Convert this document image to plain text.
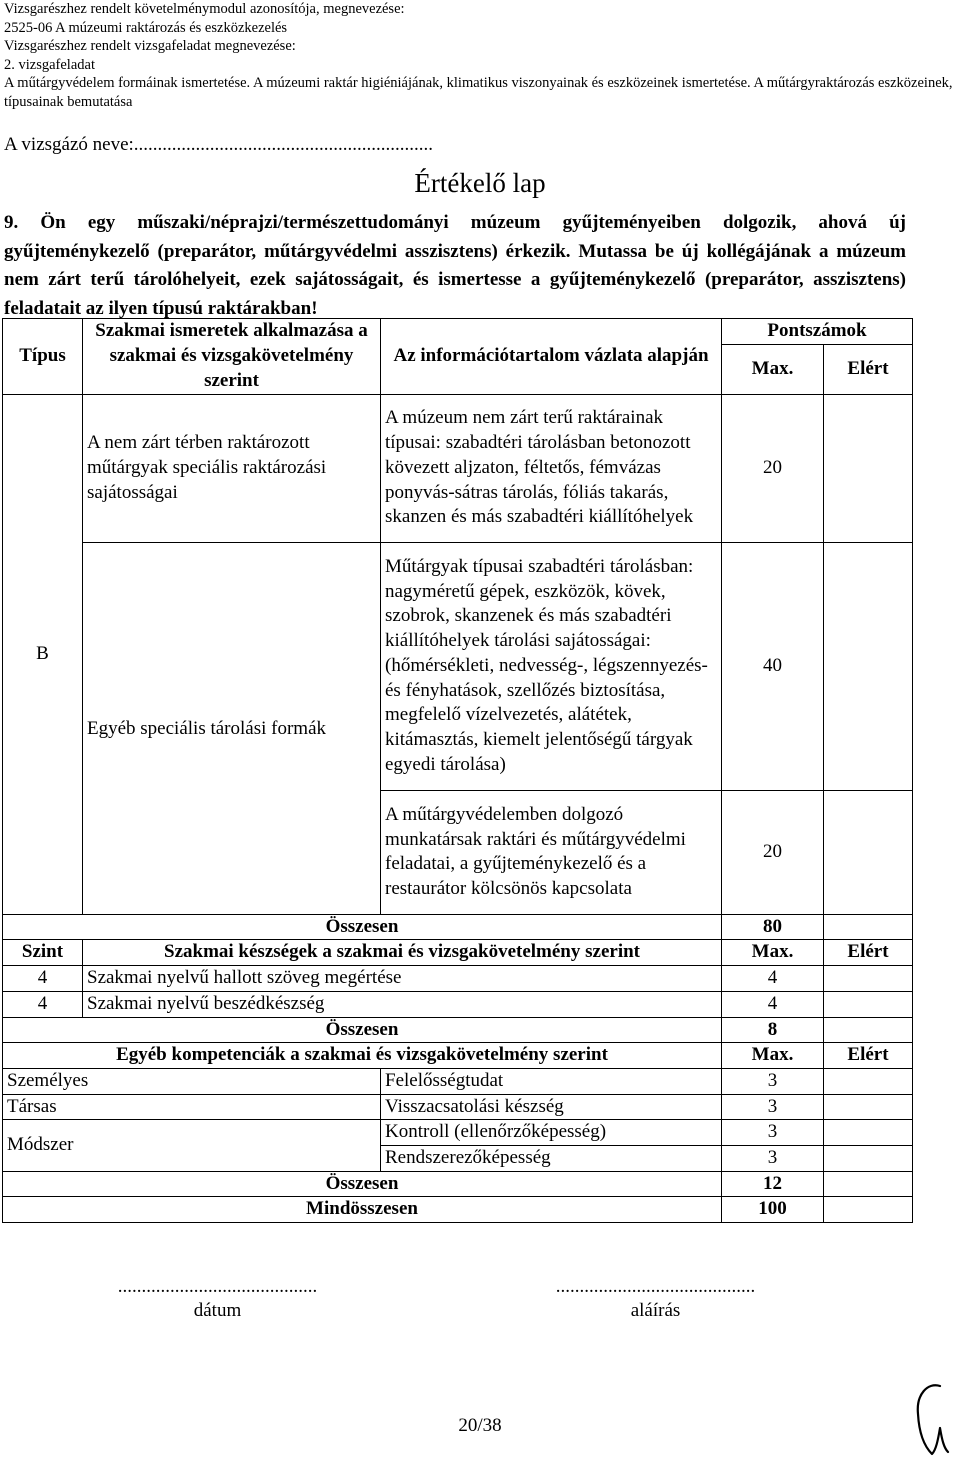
Vizsgarészhez rendelt követelménymodul azonosítója, megnevezése:
2525-06 A múzeumi raktározás és eszközkezelés
Vizsgarészhez rendelt vizsgafeladat megnevezése:
2. vizsgafeladat
A műtárgyvédelem formáinak ismertetése. A múzeumi raktár higiéniájának, klimatikus viszonyainak és eszközeinek ismertetése. A műtárgyraktározás eszközeinek, típusainak bemutatása
A vizsgázó neve:...............................................................
Értékelő lap
9. Ön egy műszaki/néprajzi/természettudományi múzeum gyűjteményeiben dolgozik, ahová új gyűjteménykezelő (preparátor, műtárgyvédelmi asszisztens) érkezik. Mutassa be új kollégájának a múzeum nem zárt terű tárolóhelyeit, ezek sajátosságait, és ismertesse a gyűjteménykezelő (preparátor, asszisztens) feladatait az ilyen típusú raktárakban!
Típus	Szakmai ismeretek alkalmazása a szakmai és vizsgakövetelmény szerint	Az információtartalom vázlata alapján	Pontszámok	
			Max.	Elért
B	A nem zárt térben raktározott műtárgyak speciális raktározási sajátosságai	A múzeum nem zárt terű raktárainak típusai: szabadtéri tárolásban betonozott kövezett aljzaton, féltetős, fémvázas ponyvás-sátras tárolás, fóliás takarás, skanzen és más szabadtéri kiállítóhelyek	20	
	Egyéb speciális tárolási formák	Műtárgyak típusai szabadtéri tárolásban: nagyméretű gépek, eszközök, kövek, szobrok, skanzenek és más szabadtéri kiállítóhelyek tárolási sajátosságai: (hőmérsékleti, nedvesség-, légszennyezés- és fényhatások, szellőzés biztosítása, megfelelő vízelvezetés, alátétek, kitámasztás, kiemelt jelentőségű tárgyak egyedi tárolása)	40	
		A műtárgyvédelemben dolgozó munkatársak raktári és műtárgyvédelmi feladatai, a gyűjteménykezelő és a restaurátor kölcsönös kapcsolata	20	
Összesen			80	
Szint	Szakmai készségek a szakmai és vizsgakövetelmény szerint		Max.	Elért
4	Szakmai nyelvű hallott szöveg megértése		4	
4	Szakmai nyelvű beszédkészség		4	
Összesen			8	
Egyéb kompetenciák a szakmai és vizsgakövetelmény szerint			Max.	Elért
Személyes		Felelősségtudat	3	
Társas		Visszacsatolási készség	3	
Módszer		Kontroll (ellenőrzőképesség)	3	
		Rendszerezőképesség	3	
Összesen			12	
Mindösszesen			100	
..........................................
dátum
..........................................
aláírás
20/38
